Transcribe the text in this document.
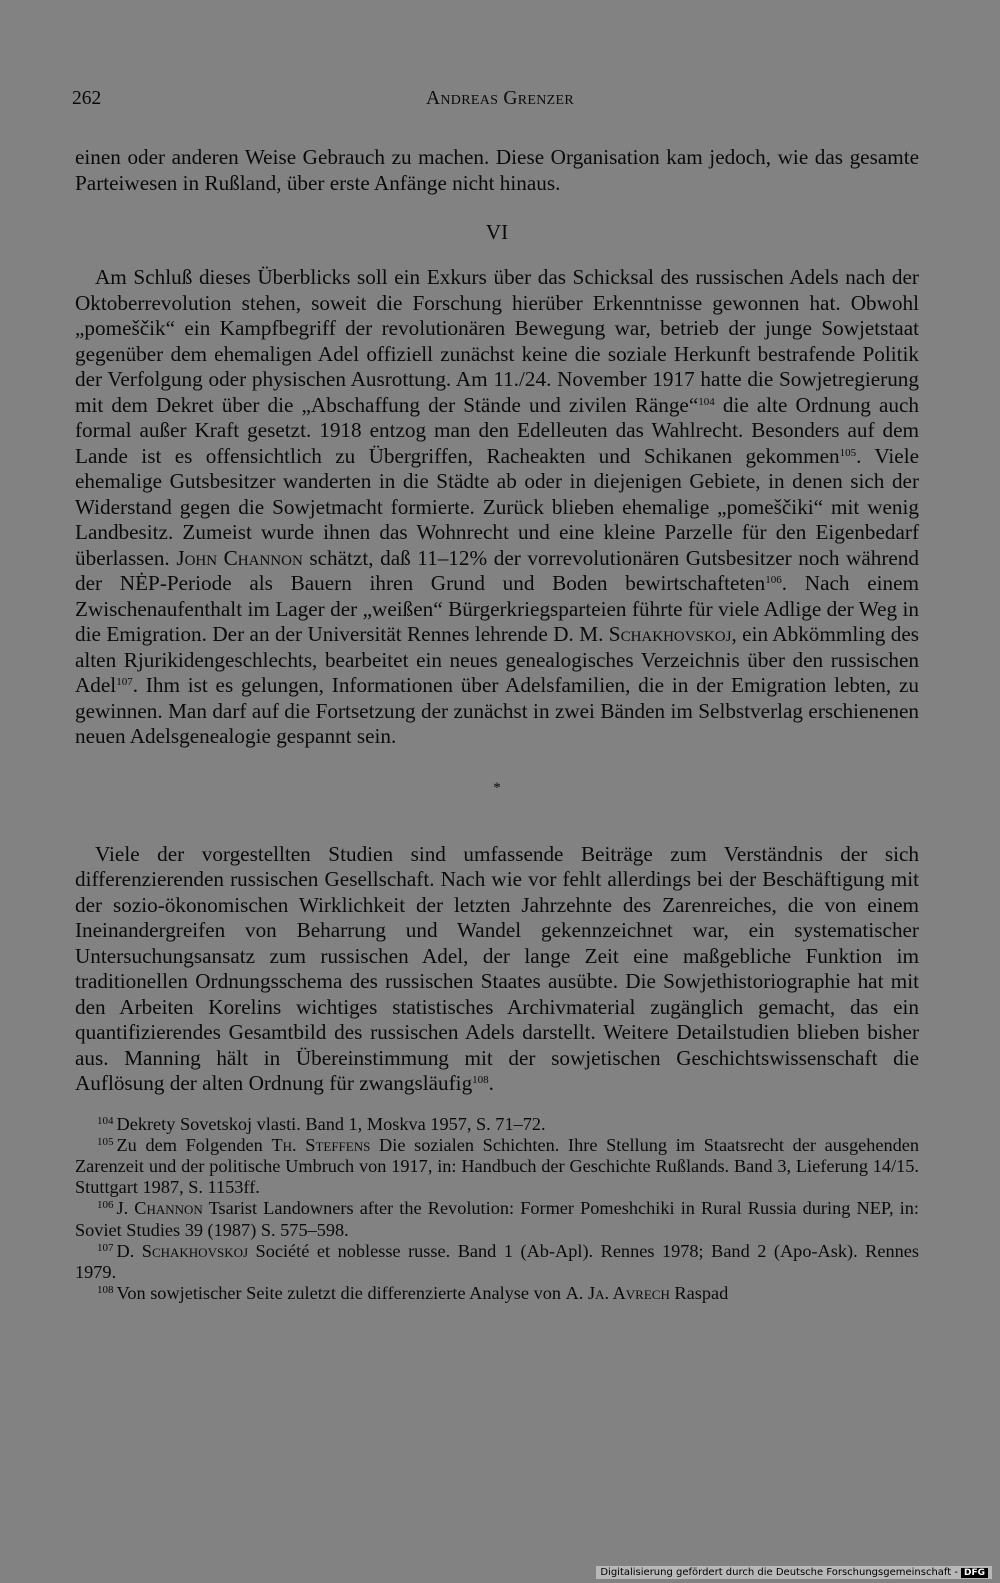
262	Andreas Grenzer

einen oder anderen Weise Gebrauch zu machen. Diese Organisation kam jedoch, wie das gesamte Parteiwesen in Rußland, über erste Anfänge nicht hinaus.

VI

Am Schluß dieses Überblicks soll ein Exkurs über das Schicksal des russischen Adels nach der Oktoberrevolution stehen, soweit die Forschung hierüber Erkenntnisse gewonnen hat. Obwohl „pomeščik“ ein Kampfbegriff der revolutionären Bewegung war, betrieb der junge Sowjetstaat gegenüber dem ehemaligen Adel offiziell zunächst keine die soziale Herkunft bestrafende Politik der Verfolgung oder physischen Ausrottung. Am 11./24. November 1917 hatte die Sowjetregierung mit dem Dekret über die „Abschaffung der Stände und zivilen Ränge“$^{104}$ die alte Ordnung auch formal außer Kraft gesetzt. 1918 entzog man den Edelleuten das Wahlrecht. Besonders auf dem Lande ist es offensichtlich zu Übergriffen, Racheakten und Schikanen gekommen$^{105}$. Viele ehemalige Gutsbesitzer wanderten in die Städte ab oder in diejenigen Gebiete, in denen sich der Widerstand gegen die Sowjetmacht formierte. Zurück blieben ehemalige „pomeščiki“ mit wenig Landbesitz. Zumeist wurde ihnen das Wohnrecht und eine kleine Parzelle für den Eigenbedarf überlassen. John Channon schätzt, daß 11–12% der vorrevolutionären Gutsbesitzer noch während der NĖP-Periode als Bauern ihren Grund und Boden bewirtschafteten$^{106}$. Nach einem Zwischenaufenthalt im Lager der „weißen“ Bürgerkriegsparteien führte für viele Adlige der Weg in die Emigration. Der an der Universität Rennes lehrende D. M. Schakhovskoj, ein Abkömmling des alten Rjurikidengeschlechts, bearbeitet ein neues genealogisches Verzeichnis über den russischen Adel$^{107}$. Ihm ist es gelungen, Informationen über Adelsfamilien, die in der Emigration lebten, zu gewinnen. Man darf auf die Fortsetzung der zunächst in zwei Bänden im Selbstverlag erschienenen neuen Adelsgenealogie gespannt sein.

*

Viele der vorgestellten Studien sind umfassende Beiträge zum Verständnis der sich differenzierenden russischen Gesellschaft. Nach wie vor fehlt allerdings bei der Beschäftigung mit der sozio-ökonomischen Wirklichkeit der letzten Jahrzehnte des Zarenreiches, die von einem Ineinandergreifen von Beharrung und Wandel gekennzeichnet war, ein systematischer Untersuchungsansatz zum russischen Adel, der lange Zeit eine maßgebliche Funktion im traditionellen Ordnungsschema des russischen Staates ausübte. Die Sowjethistoriographie hat mit den Arbeiten Korelins wichtiges statistisches Archivmaterial zugänglich gemacht, das ein quantifizierendes Gesamtbild des russischen Adels darstellt. Weitere Detailstudien blieben bisher aus. Manning hält in Übereinstimmung mit der sowjetischen Geschichtswissenschaft die Auflösung der alten Ordnung für zwangsläufig$^{108}$.

$^{104}$ Dekrety Sovetskoj vlasti. Band 1, Moskva 1957, S. 71–72.

$^{105}$ Zu dem Folgenden Th. Steffens Die sozialen Schichten. Ihre Stellung im Staatsrecht der ausgehenden Zarenzeit und der politische Umbruch von 1917, in: Handbuch der Geschichte Rußlands. Band 3, Lieferung 14/15. Stuttgart 1987, S. 1153ff.

$^{106}$ J. Channon Tsarist Landowners after the Revolution: Former Pomeshchiki in Rural Russia during NEP, in: Soviet Studies 39 (1987) S. 575–598.

$^{107}$ D. Schakhovskoj Société et noblesse russe. Band 1 (Ab-Apl). Rennes 1978; Band 2 (Apo-Ask). Rennes 1979.

$^{108}$ Von sowjetischer Seite zuletzt die differenzierte Analyse von A. Ja. Avrech Raspad

Digitalisierung gefördert durch die Deutsche Forschungsgemeinschaft - DFG
